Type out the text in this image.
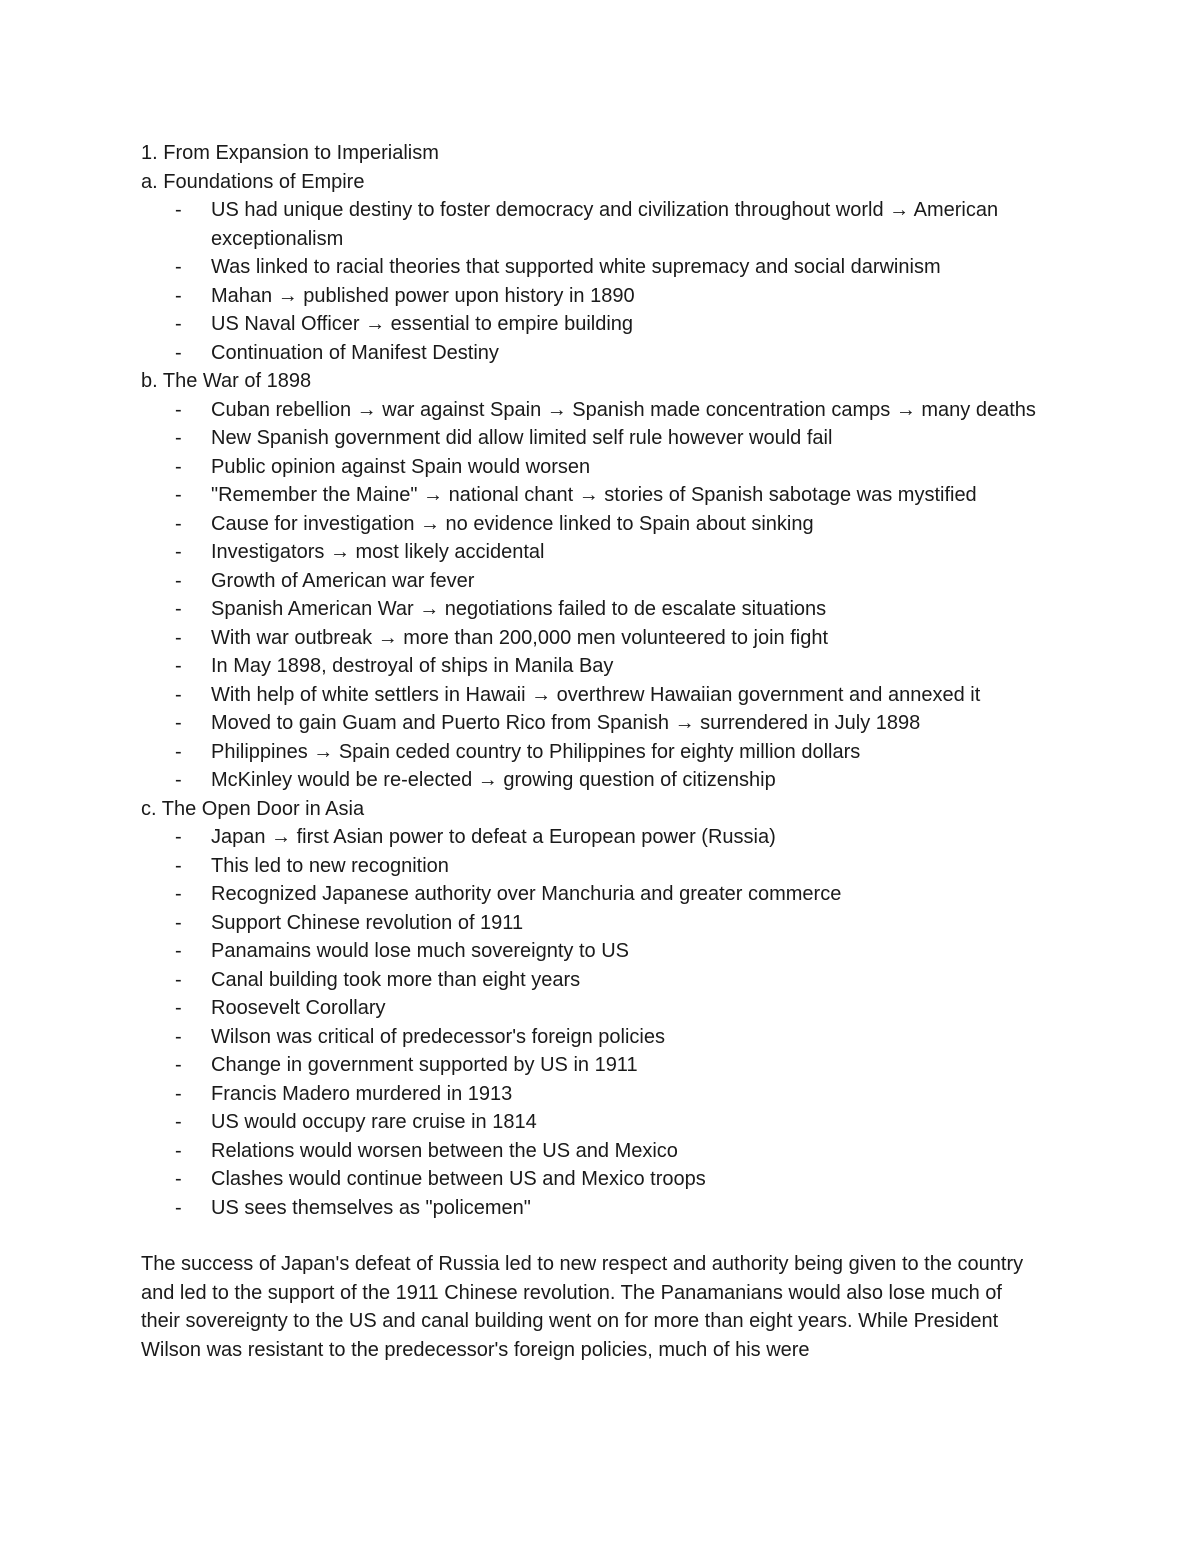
1. From Expansion to Imperialism
a. Foundations of Empire
- US had unique destiny to foster democracy and civilization throughout world → American exceptionalism
- Was linked to racial theories that supported white supremacy and social darwinism
- Mahan → published power upon history in 1890
- US Naval Officer → essential to empire building
- Continuation of Manifest Destiny
b. The War of 1898
- Cuban rebellion → war against Spain → Spanish made concentration camps → many deaths
- New Spanish government did allow limited self rule however would fail
- Public opinion against Spain would worsen
- "Remember the Maine" → national chant → stories of Spanish sabotage was mystified
- Cause for investigation → no evidence linked to Spain about sinking
- Investigators → most likely accidental
- Growth of American war fever
- Spanish American War → negotiations failed to de escalate situations
- With war outbreak → more than 200,000 men volunteered to join fight
- In May 1898, destroyal of ships in Manila Bay
- With help of white settlers in Hawaii → overthrew Hawaiian government and annexed it
- Moved to gain Guam and Puerto Rico from Spanish → surrendered in July 1898
- Philippines → Spain ceded country to Philippines for eighty million dollars
- McKinley would be re-elected → growing question of citizenship
c. The Open Door in Asia
- Japan → first Asian power to defeat a European power (Russia)
- This led to new recognition
- Recognized Japanese authority over Manchuria and greater commerce
- Support Chinese revolution of 1911
- Panamains would lose much sovereignty to US
- Canal building took more than eight years
- Roosevelt Corollary
- Wilson was critical of predecessor's foreign policies
- Change in government supported by US in 1911
- Francis Madero murdered in 1913
- US would occupy rare cruise in 1814
- Relations would worsen between the US and Mexico
- Clashes would continue between US and Mexico troops
- US sees themselves as "policemen"

The success of Japan's defeat of Russia led to new respect and authority being given to the country and led to the support of the 1911 Chinese revolution. The Panamanians would also lose much of their sovereignty to the US and canal building went on for more than eight years. While President Wilson was resistant to the predecessor's foreign policies, much of his were
